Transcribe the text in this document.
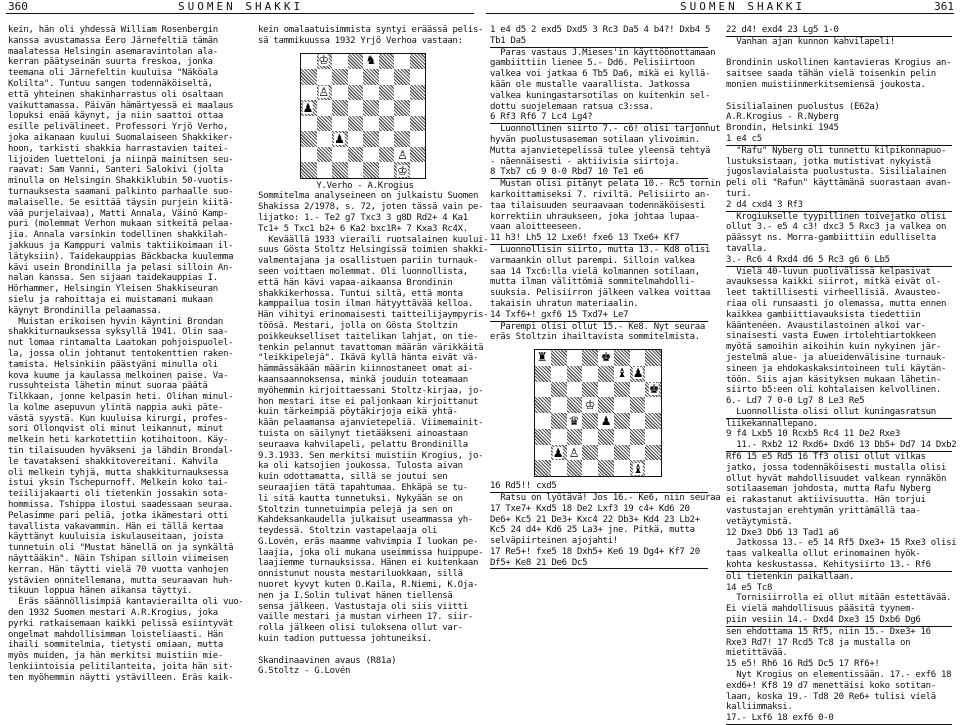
360	SUOMEN SHAKKI

kein, hän oli yhdessä William Rosenbergin

kanssa avustamassa Eero Järnefeltiä tämän

maalatessa Helsingin asemaravintolan ala-

kerran päätyseinän suurta freskoa, jonka

teemana oli Järnefeltin kuuluisa "Näköala

Kolilta". Tuntuu sangen todennäköiseltä,

että yhteinen shakinharrastus oli osaltaan

vaikuttamassa. Päivän hämärtyessä ei maalaus

lopuksi enää käynyt, ja niin saattoi ottaa

esille pelivälineet. Professori Yrjö Verho,

joka aikanaan kuului Suomalaiseen Shakkiker-

hoon, tarkisti shakkia harrastavien taitei-

lijoiden luetteloni ja niinpä mainitsen seu-

raavat: Sam Vanni, Santeri Salokivi (jolta

minulla on Helsingin Shakkiklubin 50-vuotis-

turnauksesta saamani palkinto parhaalle suo-

malaiselle. Se esittää täysin purjein kiitä-

vää purjelaivaa), Matti Annala, Väinö Kamp-

puri (molemmat Verhon mukaan sitkeitä pelaa-

jia. Annala varsinkin todellinen shakkilah-

jakkuus ja Kamppuri valmis taktiikoimaan il-

lätyksiin). Taidekauppias Bäckbacka kuulemma

kävi usein Brondinilla ja pelasi silloin An-

nalan kanssa. Sen sijaan taidekauppias I.

Hörhammer, Helsingin Yleisen Shakkiseuran

sielu ja rahoittaja ei muistamani mukaan

käynyt Brondinilla pelaamassa.

Muistan erikoisen hyvin käyntini Brondan

shakkiturnauksessa syksyllä 1941. Olin saa-

nut lomaa rintamalta Laatokan pohjoispuolel-

la, jossa olin johtanut tentokenttien raken-

tamista. Helsinkiin päästyäni minulla oli

kova kuume ja kaulassa melkoinen paise. Va-

russuhteista lähetin minut suoraa päätä

Tilkkaan, jonne kelpasin heti. Olihan minul-

la kolme asepuvun ylintä nappia auki päte-

västä syystä. Kun kuuluisa kirurgi, profes-

sori Ollonqvist oli minut leikannut, minut

melkein heti karkotettiin kotihoitoon. Käy-

tin tilaisuuden hyväkseni ja lähdin Brondal-

le tavatakseni shakkitovereitani. Kahvila

oli melkein tyhjä, mutta shakkiturnauksessa

istui yksin Tschepurnoff. Melkein koko tai-

teiilijakaarti oli tietenkin jossakin sota-

hommissa. Tshippa ilostui saadessaan seuraa.

Pelasimme pari peliä, jotka ikämestari otti

tavallista vakavammin. Hän ei tällä kertaa

käyttänyt kuuluisia iskulauseitaan, joista

tunnetuin oli "Mustat hänellä on ja synkältä

näyttääkin". Näin Tshipan silloin viimeisen

kerran. Hän täytti vielä 70 vuotta vanhojen

ystävien onnitellemana, mutta seuraavan huh-

tikuun loppua hänen aikansa täyttyi.

Eräs säännöllisimpiä kantavierailta oli vuo-

den 1932 Suomen mestari A.R.Krogius, joka

pyrki ratkaisemaan kaikki pelissä esiintyvät

ongelmat mahdollisimman loisteliaasti. Hän

ihaili sommitelmia, tietysti omiaan, mutta

myös muiden, ja hän merkitsi muistiin mie-

lenkiintoisia pelitilanteita, joita hän sit-

ten myöhemmin näytti ystävilleen. Eräs kaik-

kein omalaatuisimmista syntyi eräässä pelis-

sä tammikuussa 1932 Yrjö Verhoa vastaan:

♔
♔	♞
♟
♙
♙
♟

Y.Verho - A.Krogius

Sommitelma analyseineen on julkaistu Suomen

Shakissa 2/1978, s. 72, joten tässä vain pe-

lijatko: 1.- Te2 g7 Txc3 3 g8D Rd2+ 4 Ka1

Tc1+ 5 Txc1 b2+ 6 Ka2 bxc1R+ 7 Kxa3 Rc4X.

Keväällä 1933 vieraili ruotsalainen kuului-

suus Gösta Stoltz Helsingissä toimien shakki-

valmentajana ja osallistuen pariin turnauk-

seen voittaen molemmat. Oli luonnollista,

että hän kävi vapaa-aikaansa Brondinin

shakkikerhossa. Tuntui siltä, että monta

kamppailua tosin ilman hätyyttävää kelloa.

Hän vihityi erinomaisesti taitteilijaympyris-

töösä. Mestari, jolla on Gösta Stoltzin

poikkeukselliset taitelikan lahjat, on tie-

tenkin pelannut tavattoman määrän värikkäitä

"leikkipelejä". Ikävä kyllä hänta eivät vä-

hämmässäkään määrin kiinnostaneet omat ai-

kaansaannoksensa, minkä jouduin toteamaan

myöhemmin kirjoittaessani Stoltz-kirjaa, jo-

hon mestari itse ei paljonkaan kirjoittanut

kuin tärkeimpiä pöytäkirjoja eikä yhtä-

kään pelaamansa ajanvietepeliä. Viimemainit-

tuista on säilynyt tietääkseni ainoastaan

seuraava kahvilapeli, pelattu Brondinilla

9.3.1933. Sen merkitsi muistiin Krogius, jo-

ka oli katsojien joukossa. Tulosta aivan

kuin odottamatta, sillä se joutui sen

seuraajien tätä tapahtumaa. Ehkäpä se tu-

li sitä kautta tunnetuksi. Nykyään se on

Stoltzin tunnetuimpia pelejä ja sen on

Kahdeksankaudella julkaisut useammassa yh-

teydessä. Stoltzin vastapelaaja oli

G.Lovén, eräs maamme vahvimpia I luokan pe-

laajia, joka oli mukana useimmissa huippupe-

laajiemme turnauksissa. Hänen ei kuitenkaan

onnistunut nousta mestariluokkaan, sillä

nuoret kyvyt kuten O.Kaila, R.Niemi, K.Oja-

nen ja I.Solin tulivat hänen tiellensä

sensa jälkeen. Vastustaja oli siis viitti

vaille mestari ja mustan virheen 17. siir-

rolla jälkeen olisi tuloksena ollut var-

kuin tadion puttuessa johtuneiksi.

Skandinaavinen avaus (R81a)

G.Stoltz - G.Lovén

SUOMEN SHAKKI	361

1 e4 d5 2 exd5 Dxd5 3 Rc3 Da5 4 b4?! Dxb4 5

Tb1 Da5

Paras vastaus J.Mieses'in käyttöönottamaan

gambiittiin lienee 5.- Dd6. Pelisiirtoon

valkea voi jatkaa 6 Tb5 Da6, mikä ei kyllä-

kään ole mustalle vaarallista. Jatkossa

valkea kuningastarsotilas on kuitenkin sel-

dottu suojelemaan ratsua c3:ssa.

6 Rf3 Rf6 7 Lc4 Lg4?

Luonnollinen siirto 7.- c6! olisi tarjonnut

hyvän puolustusaseman sotilaan ylivoimin.

Mutta ajanvietepelissä tulee yleensä tehtyä

- näennäisesti - aktiivisia siirtoja.

8 Txb7 c6 9 0-0 Rbd7 10 Te1 e6

Mustan olisi pitänyt pelata 10.- Rc5 tornin

karkoittamiseksi 7. riviltä. Pelisiirto an-

taa tilaisuuden seuraavaan todennäköisesti

korrektiin uhraukseen, joka johtaa lupaa-

vaan aloitteeseen.

11 h3! Lh5 12 Lxe6! fxe6 13 Txe6+ Kf7

Luonnollisin siirto, mutta 13.- Kd8 olisi

varmaankin ollut parempi. Silloin valkea

saa 14 Txc6:lla vielä kolmannen sotilaan,

mutta ilman välittömiä sommitelmahdolli-

suuksia. Pelisiirron jälkeen valkea voittaa

takaisin uhratun materiaalin.

14 Txf6+! gxf6 15 Txd7+ Le7

Parempi olisi ollut 15.- Ke8. Nyt seuraa

eräs Stoltzin ihailtavista sommitelmista.

♚
♛
♜
♝ ♟
♟
♔
♝
♚
♙
♟

16 Rd5!! cxd5

Ratsu on lyötävä! Jos 16.- Ke6, niin seuraa

17 Txe7+ Kxd5 18 De2 Lxf3 19 c4+ Kd6 20

De6+ Kc5 21 De3+ Kxc4 22 Db3+ Kd4 23 Lb2+

Kc5 24 d4+ Kd6 25 La3+ jne. Pitkä, mutta

selväpiirteinen ajojahti!

17 Re5+! fxe5 18 Dxh5+ Ke6 19 Dg4+ Kf7 20

Df5+ Ke8 21 De6 Dc5

22 d4! exd4 23 Lg5 1-0

Vanhan ajan kunnon kahvilapeli!

Brondinin uskollinen kantavieras Krogius an-

saitsee saada tähän vielä toisenkin pelin

monien muistiinmerkitsemiensä joukosta.

Sisilialainen puolustus (E62a)

A.R.Krogius - R.Nyberg

Brondin, Helsinki 1945

1 e4 c5

"Rafu" Nyberg oli tunnettu kilpikonnapuo-

lustuksistaan, jotka mutistivat nykyistä

jugoslavialaista puolustusta. Sisilialainen

peli oli "Rafun" käyttämänä suorastaan avan-

turi.

2 d4 cxd4 3 Rf3

Krogiukselle tyypillinen toivejatko olisi

ollut 3.- e5 4 c3! dxc3 5 Rxc3 ja valkea on

päässyt ns. Morra-gambiittiin edulliselta

tavalla.

3.- Rc6 4 Rxd4 d6 5 Rc3 g6 6 Lb5

Vielä 40-luvun puolivälissä kelpasivat

avauksessa kaikki siirrot, mitkä eivät ol-

leet taktillisesti virheellisiä. Avausteo-

riaa oli runsaasti jo olemassa, mutta ennen

kaikkea gambiittiavauksista tiedettiin

kääntenéen. Avaustilastoinen alkoi var-

sinaisesti vasta Euwen irtolehtiartokkeen

myötä samoihin aikoihin kuin nykyinen jär-

jestelmä alue- ja alueidenvälisine turnauk-

sineen ja ehdokaskaksintoineen tuli käytän-

töön. Siis ajan käsityksen mukaan lähetin-

siirto b5:een oli kohtalaisen kelvollinen.

6.- Ld7 7 0-0 Lg7 8 Le3 Re5

Luonnollista olisi ollut kuningasratsun

liikekannallepano.

9 f4 Lxb5 10 Rcxb5 Rc4 11 De2 Rxe3

11.- Rxb2 12 Rxd6+ Dxd6 13 Db5+ Dd7 14 Dxb2

Rf6 15 e5 Rd5 16 Tf3 olisi ollut vilkas

jatko, jossa todennäköisesti mustalla olisi

ollut hyvät mahdollisuudet valkean rynnäkön

sotilaaseman johdosta, mutta Rafu Nyberg

ei rakastanut aktiivisuutta. Hän torjui

vastustajan erehtymän yrittämällä taa-

vetäytymistä.

12 Dxe3 Db6 13 Tad1 a6

Jatkossa 13.- e5 14 Rf5 Dxe3+ 15 Rxe3 olisi

taas valkealla ollut erinomainen hyök-

kohta keskustassa. Kehitysiirto 13.- Rf6

oli tietenkin paikallaan.

14 e5 Tc8

Tornisiirrolla ei ollut mitään estettävää.

Ei vielä mahdollisuus pääsitä tyynem-

piin vesiin 14.- Dxd4 Dxe3 15 Dxb6 Dg6

sen ehdottama 15 Rf5, niin 15.- Dxe3+ 16

Rxe3 Rd7! 17 Rcd5 Tc8 ja mustalla on

mietittävää.

15 e5! Rh6 16 Rd5 Dc5 17 Rf6+!

Nyt Krogius on elementissään. 17.- exf6 18

exd6+! Kf8 19 d7 menettäisi koko sotitan-

laan, koska 19.- Td8 20 Re6+ tulisi vielä

kalliimmaksi.

17.- Lxf6 18 exf6 0-0
